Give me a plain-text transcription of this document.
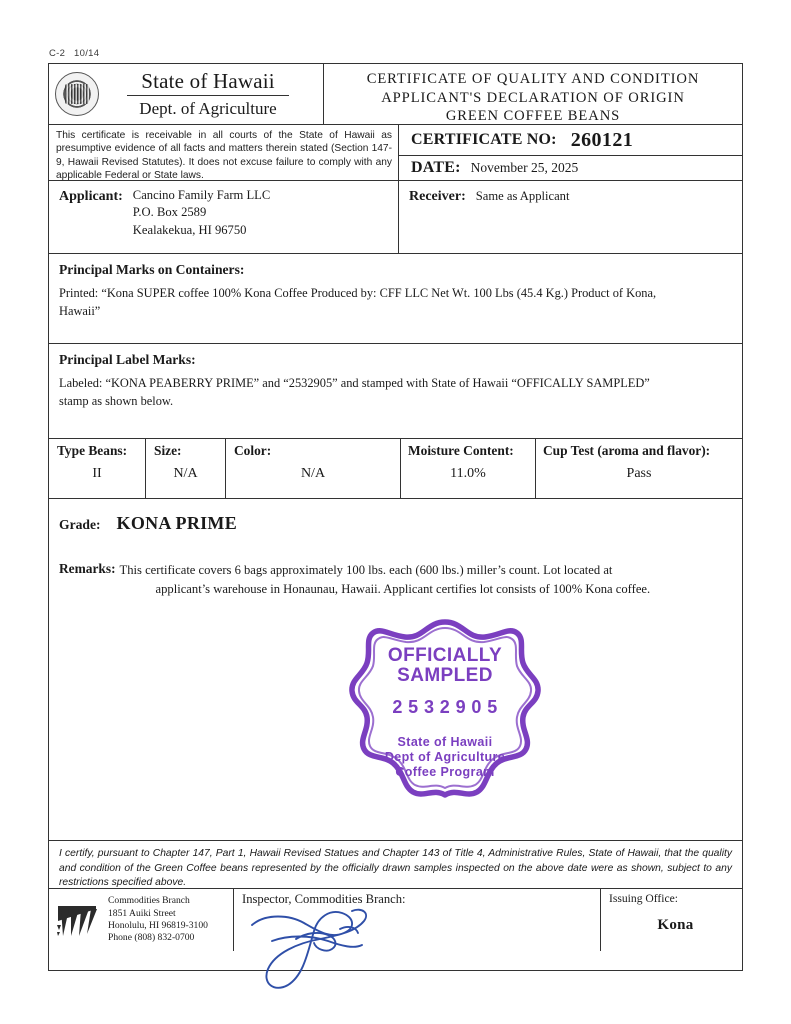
C-2   10/14
State of Hawaii
Dept. of Agriculture
CERTIFICATE OF QUALITY AND CONDITION
APPLICANT'S DECLARATION OF ORIGIN
GREEN COFFEE BEANS
This certificate is receivable in all courts of the State of Hawaii as presumptive evidence of all facts and matters therein stated (Section 147-9, Hawaii Revised Statutes). It does not excuse failure to comply with any applicable Federal or State laws.
CERTIFICATE NO: 260121
DATE: November 25, 2025
Applicant: Cancino Family Farm LLC
P.O. Box 2589
Kealakekua, HI 96750
Receiver: Same as Applicant
Principal Marks on Containers:
Printed: “Kona SUPER coffee 100% Kona Coffee Produced by: CFF LLC Net Wt. 100 Lbs (45.4 Kg.) Product of Kona,
Hawaii”
Principal Label Marks:
Labeled: “KONA PEABERRY PRIME” and “2532905” and stamped with State of Hawaii “OFFICALLY SAMPLED”
stamp as shown below.
Type Beans:
II
Size:
N/A
Color:
N/A
Moisture Content:
11.0%
Cup Test (aroma and flavor):
Pass
Grade: KONA PRIME
Remarks: This certificate covers 6 bags approximately 100 lbs. each (600 lbs.) miller’s count. Lot located at
applicant’s warehouse in Honaunau, Hawaii. Applicant certifies lot consists of 100% Kona coffee.
OFFICIALLY
SAMPLED
2 5 3 2 9 0 5
State of Hawaii
Dept of Agriculture
Coffee Program
I certify, pursuant to Chapter 147, Part 1, Hawaii Revised Statues and Chapter 143 of Title 4, Administrative Rules, State of Hawaii, that the quality and condition of the Green Coffee beans represented by the officially drawn samples inspected on the above date were as shown, subject to any restrictions specified above.
Commodities Branch
1851 Auiki Street
Honolulu, HI 96819-3100
Phone (808) 832-0700
Inspector, Commodities Branch:	Issuing Office:
Kona
